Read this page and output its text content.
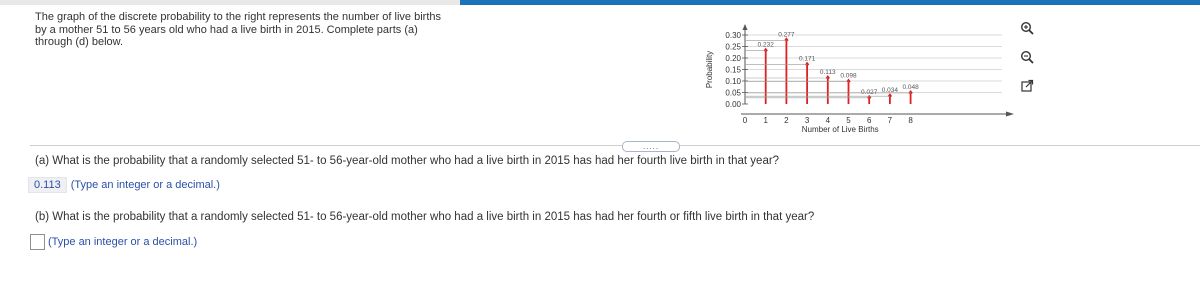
The graph of the discrete probability to the right represents the number of live births by a mother 51 to 56 years old who had a live birth in 2015. Complete parts (a) through (d) below.
0.30
0.25
0.20
0.15
0.10
0.05
0.00
Probability
0
0.232
1
0.277
2
0.171
3
0.113
4
0.098
5
0.027
6
0.034
7
0.048
8
Number of Live Births
.....
(a) What is the probability that a randomly selected 51- to 56-year-old mother who had a live birth in 2015 has had her fourth live birth in that year?
0.113 (Type an integer or a decimal.)
(b) What is the probability that a randomly selected 51- to 56-year-old mother who had a live birth in 2015 has had her fourth or fifth live birth in that year?
(Type an integer or a decimal.)
